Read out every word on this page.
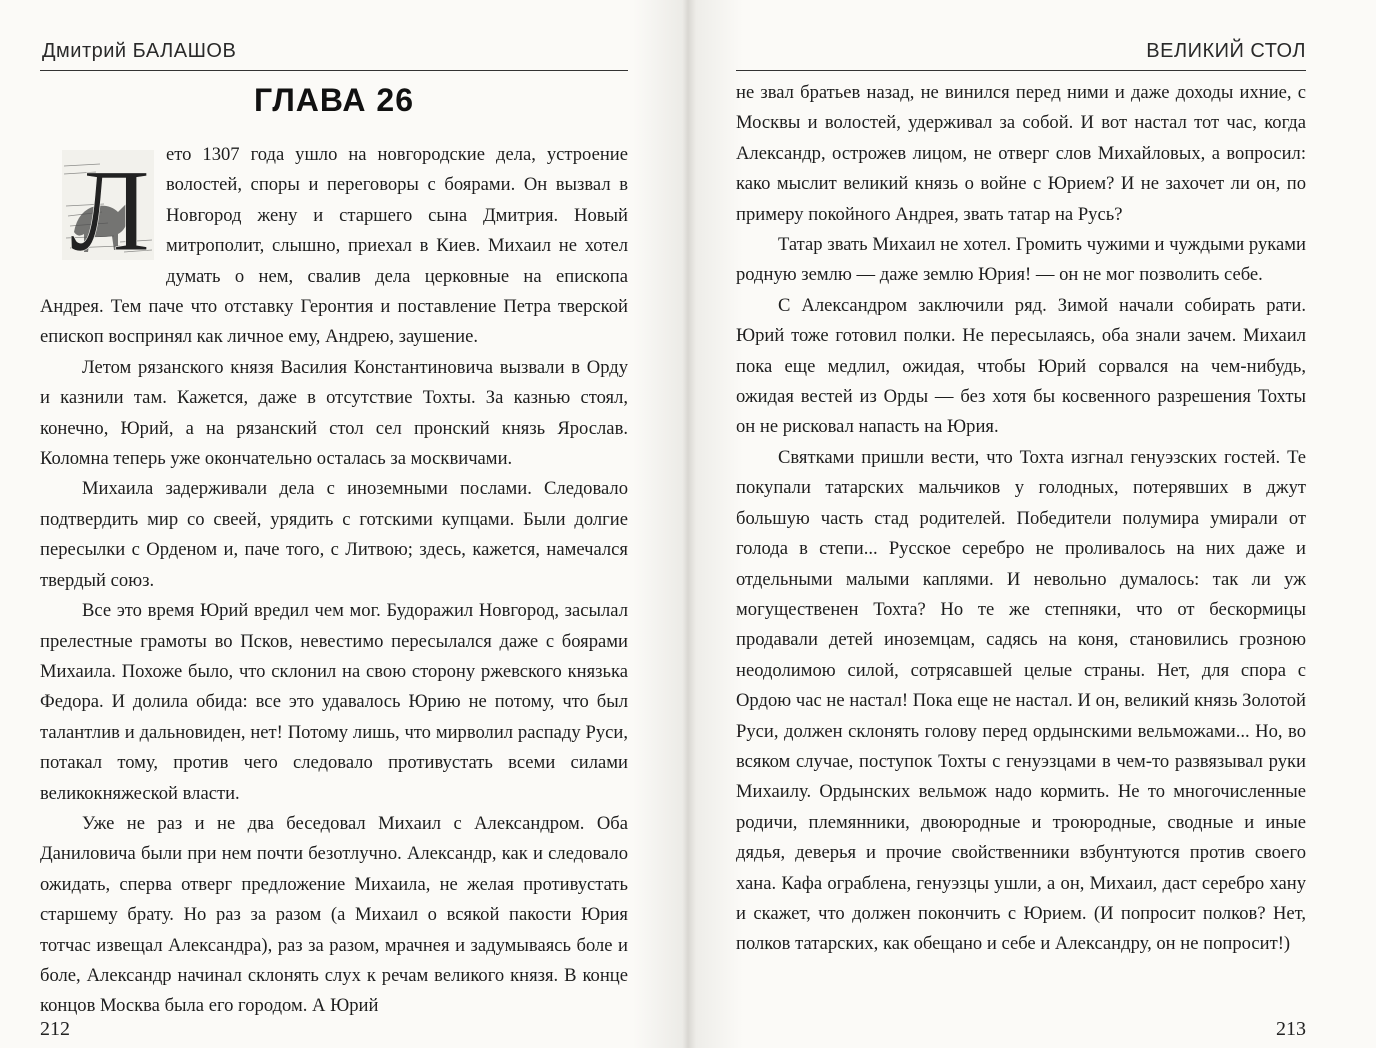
Дмитрий БАЛАШОВ
ГЛАВА 26
Л ето 1307 года ушло на новгородские дела, устроение волостей, споры и переговоры с боярами. Он вызвал в Новгород жену и старшего сына Дмитрия. Новый митрополит, слышно, приехал в Киев. Михаил не хотел думать о нем, свалив дела церковные на епископа Андрея. Тем паче что отставку Геронтия и поставление Петра тверской епископ воспринял как личное ему, Андрею, заушение.

Летом рязанского князя Василия Константиновича вызвали в Орду и казнили там. Кажется, даже в отсутствие Тохты. За казнью стоял, конечно, Юрий, а на рязанский стол сел пронский князь Ярослав. Коломна теперь уже окончательно осталась за москвичами.

Михаила задерживали дела с иноземными послами. Следовало подтвердить мир со свеей, урядить с готскими купцами. Были долгие пересылки с Орденом и, паче того, с Литвою; здесь, кажется, намечался твердый союз.

Все это время Юрий вредил чем мог. Будоражил Новгород, засылал прелестные грамоты во Псков, невестимо пересылался даже с боярами Михаила. Похоже было, что склонил на свою сторону ржевского князька Федора. И долила обида: все это удавалось Юрию не потому, что был талантлив и дальновиден, нет! Потому лишь, что мирволил распаду Руси, потакал тому, против чего следовало противустать всеми силами великокняжеской власти.

Уже не раз и не два беседовал Михаил с Александром. Оба Даниловича были при нем почти безотлучно. Александр, как и следовало ожидать, сперва отверг предложение Михаила, не желая противустать старшему брату. Но раз за разом (а Михаил о всякой пакости Юрия тотчас извещал Александра), раз за разом, мрачнея и задумываясь боле и боле, Александр начинал склонять слух к речам великого князя. В конце концов Москва была его городом. А Юрий

212
ВЕЛИКИЙ СТОЛ

не звал братьев назад, не винился перед ними и даже доходы ихние, с Москвы и волостей, удерживал за собой. И вот настал тот час, когда Александр, острожев лицом, не отверг слов Михайловых, а вопросил: како мыслит великий князь о войне с Юрием? И не захочет ли он, по примеру покойного Андрея, звать татар на Русь?

Татар звать Михаил не хотел. Громить чужими и чуждыми руками родную землю — даже землю Юрия! — он не мог позволить себе.

С Александром заключили ряд. Зимой начали собирать рати. Юрий тоже готовил полки. Не пересылаясь, оба знали зачем. Михаил пока еще медлил, ожидая, чтобы Юрий сорвался на чем-нибудь, ожидая вестей из Орды — без хотя бы косвенного разрешения Тохты он не рисковал напасть на Юрия.

Святками пришли вести, что Тохта изгнал генуэзских гостей. Те покупали татарских мальчиков у голодных, потерявших в джут большую часть стад родителей. Победители полумира умирали от голода в степи... Русское серебро не проливалось на них даже и отдельными малыми каплями. И невольно думалось: так ли уж могущественен Тохта? Но те же степняки, что от бескормицы продавали детей иноземцам, садясь на коня, становились грозною неодолимою силой, сотрясавшей целые страны. Нет, для спора с Ордою час не настал! Пока еще не настал. И он, великий князь Золотой Руси, должен склонять голову перед ордынскими вельможами... Но, во всяком случае, поступок Тохты с генуэзцами в чем-то развязывал руки Михаилу. Ордынских вельмож надо кормить. Не то многочисленные родичи, племянники, двоюродные и троюродные, сводные и иные дядья, деверья и прочие свойственники взбунтуются против своего хана. Кафа ограблена, генуэзцы ушли, а он, Михаил, даст серебро хану и скажет, что должен покончить с Юрием. (И попросит полков? Нет, полков татарских, как обещано и себе и Александру, он не попросит!)

213
